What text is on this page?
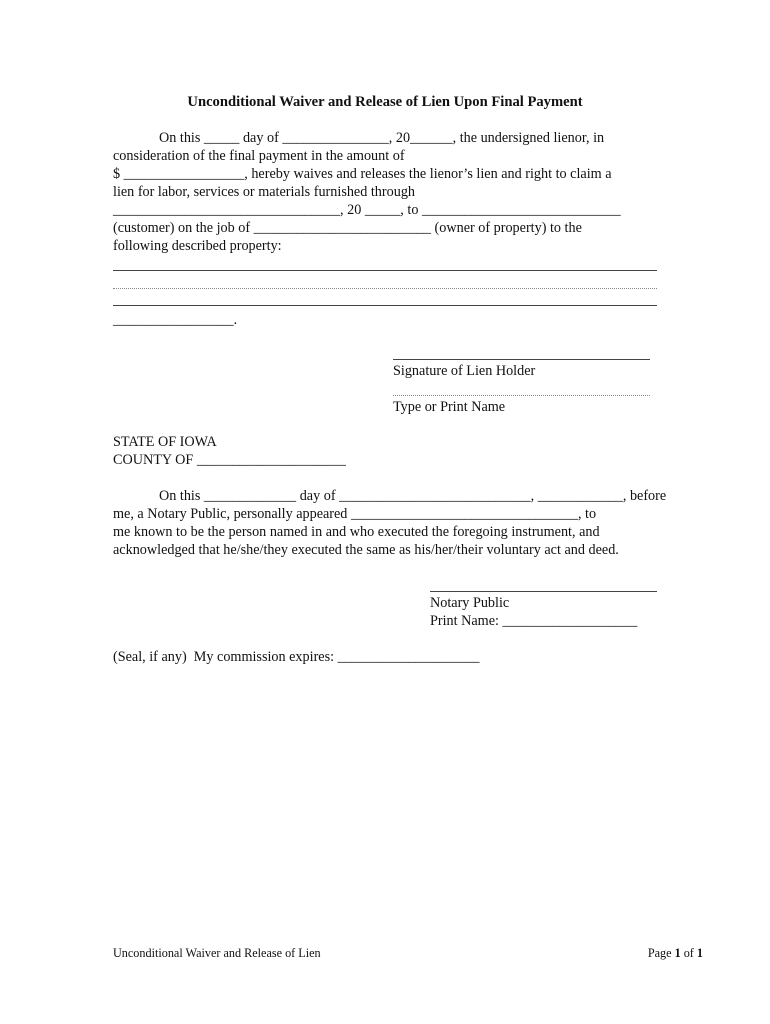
Unconditional Waiver and Release of Lien Upon Final Payment
On this _____ day of _______________, 20______, the undersigned lienor, in
consideration of the final payment in the amount of
$ _________________, hereby waives and releases the lienor’s lien and right to claim a
lien for labor, services or materials furnished through
________________________________, 20 _____, to ____________________________
(customer) on the job of _________________________ (owner of property) to the
following described property:
_________________.
Signature of Lien Holder
Type or Print Name
STATE OF IOWA
COUNTY OF _____________________
On this _____________ day of ___________________________, ____________, before
me, a Notary Public, personally appeared ________________________________, to
me known to be the person named in and who executed the foregoing instrument, and
acknowledged that he/she/they executed the same as his/her/their voluntary act and deed.
Notary Public
Print Name: ___________________
(Seal, if any)  My commission expires: ____________________
Unconditional Waiver and Release of Lien	Page 1 of 1
